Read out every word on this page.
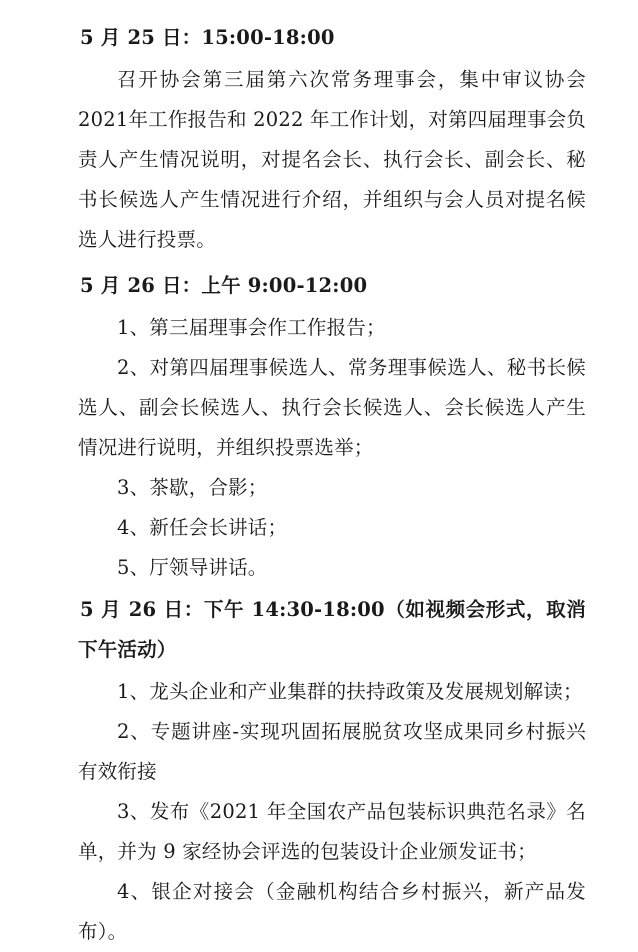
5 月 25 日：15:00-18:00

召开协会第三届第六次常务理事会，集中审议协会2021年工作报告和 2022 年工作计划，对第四届理事会负责人产生情况说明，对提名会长、执行会长、副会长、秘书长候选人产生情况进行介绍，并组织与会人员对提名候选人进行投票。

5 月 26 日：上午 9:00-12:00

1、第三届理事会作工作报告；

2、对第四届理事候选人、常务理事候选人、秘书长候选人、副会长候选人、执行会长候选人、会长候选人产生情况进行说明，并组织投票选举；

3、茶歇，合影；

4、新任会长讲话；

5、厅领导讲话。

5 月 26 日：下午 14:30-18:00（如视频会形式，取消下午活动）

1、龙头企业和产业集群的扶持政策及发展规划解读；

2、专题讲座-实现巩固拓展脱贫攻坚成果同乡村振兴有效衔接

3、发布《2021 年全国农产品包装标识典范名录》名单，并为 9 家经协会评选的包装设计企业颁发证书；

4、银企对接会（金融机构结合乡村振兴，新产品发布）。
